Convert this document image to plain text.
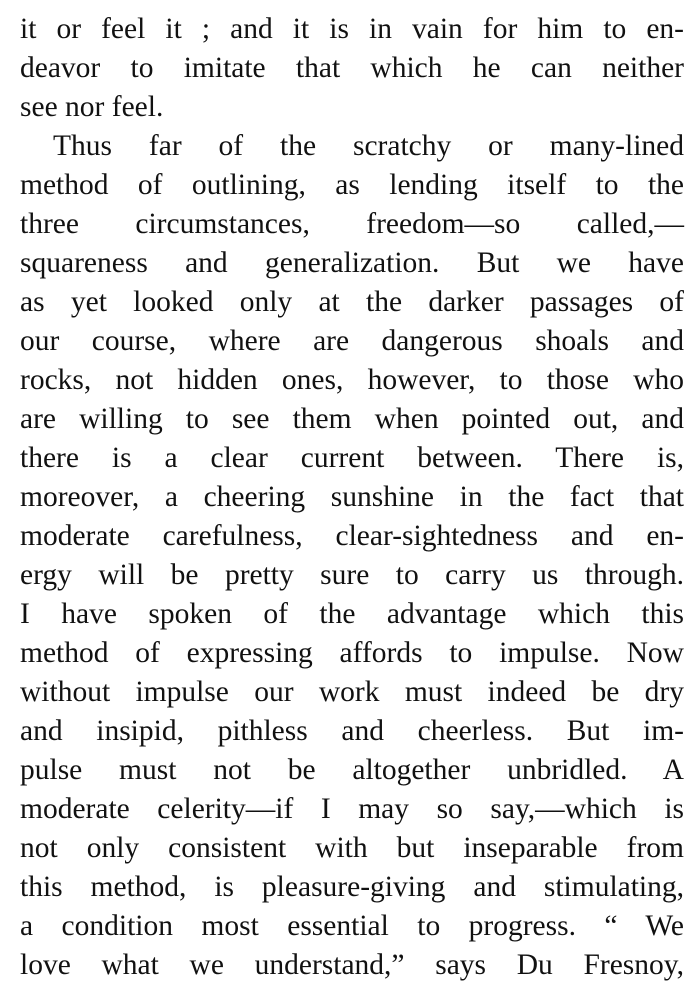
it or feel it ; and it is in vain for him to en-
deavor to imitate that which he can neither
see nor feel.
Thus far of the scratchy or many-lined
method of outlining, as lending itself to the
three circumstances, freedom—so called,—
squareness and generalization. But we have
as yet looked only at the darker passages of
our course, where are dangerous shoals and
rocks, not hidden ones, however, to those who
are willing to see them when pointed out, and
there is a clear current between. There is,
moreover, a cheering sunshine in the fact that
moderate carefulness, clear-sightedness and en-
ergy will be pretty sure to carry us through.
I have spoken of the advantage which this
method of expressing affords to impulse. Now
without impulse our work must indeed be dry
and insipid, pithless and cheerless. But im-
pulse must not be altogether unbridled. A
moderate celerity—if I may so say,—which is
not only consistent with but inseparable from
this method, is pleasure-giving and stimulating,
a condition most essential to progress. “ We
love what we understand,” says Du Fresnoy,
